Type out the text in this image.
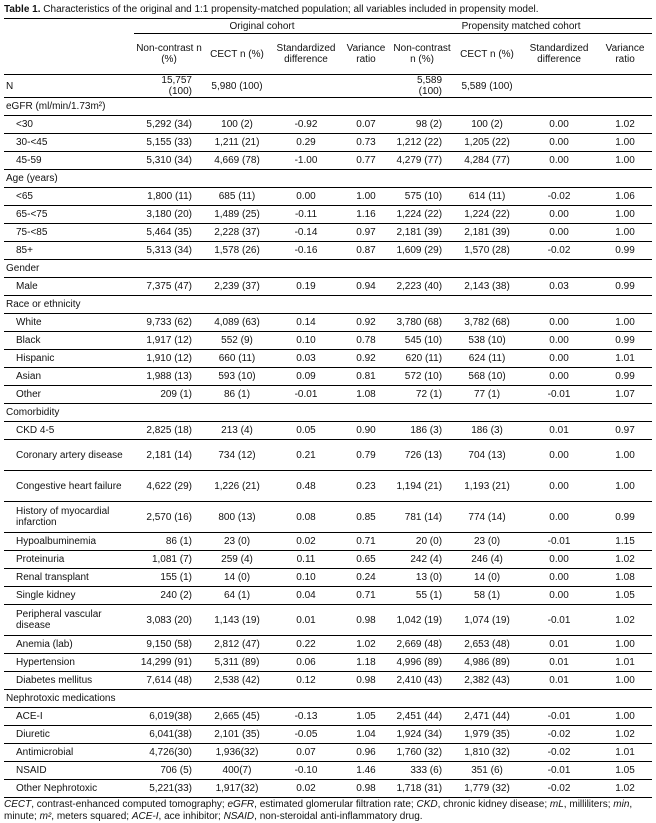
Table 1. Characteristics of the original and 1:1 propensity-matched population; all variables included in propensity model.
	Original cohort				Propensity matched cohort			
	Non-contrast n (%)	CECT n (%)	Standardized difference	Variance ratio	Non-contrast n (%)	CECT n (%)	Standardized difference	Variance ratio
N	15,757 (100)	5,980 (100)			5,589 (100)	5,589 (100)		
eGFR (ml/min/1.73m²)								
<30	5,292 (34)	100 (2)	-0.92	0.07	98 (2)	100 (2)	0.00	1.02
30-<45	5,155 (33)	1,211 (21)	0.29	0.73	1,212 (22)	1,205 (22)	0.00	1.00
45-59	5,310 (34)	4,669 (78)	-1.00	0.77	4,279 (77)	4,284 (77)	0.00	1.00
Age (years)								
<65	1,800 (11)	685 (11)	0.00	1.00	575 (10)	614 (11)	-0.02	1.06
65-<75	3,180 (20)	1,489 (25)	-0.11	1.16	1,224 (22)	1,224 (22)	0.00	1.00
75-<85	5,464 (35)	2,228 (37)	-0.14	0.97	2,181 (39)	2,181 (39)	0.00	1.00
85+	5,313 (34)	1,578 (26)	-0.16	0.87	1,609 (29)	1,570 (28)	-0.02	0.99
Gender								
Male	7,375 (47)	2,239 (37)	0.19	0.94	2,223 (40)	2,143 (38)	0.03	0.99
Race or ethnicity								
White	9,733 (62)	4,089 (63)	0.14	0.92	3,780 (68)	3,782 (68)	0.00	1.00
Black	1,917 (12)	552 (9)	0.10	0.78	545 (10)	538 (10)	0.00	0.99
Hispanic	1,910 (12)	660 (11)	0.03	0.92	620 (11)	624 (11)	0.00	1.01
Asian	1,988 (13)	593 (10)	0.09	0.81	572 (10)	568 (10)	0.00	0.99
Other	209 (1)	86 (1)	-0.01	1.08	72 (1)	77 (1)	-0.01	1.07
Comorbidity								
CKD 4-5	2,825 (18)	213 (4)	0.05	0.90	186 (3)	186 (3)	0.01	0.97
Coronary artery disease	2,181 (14)	734 (12)	0.21	0.79	726 (13)	704 (13)	0.00	1.00
Congestive heart failure	4,622 (29)	1,226 (21)	0.48	0.23	1,194 (21)	1,193 (21)	0.00	1.00
History of myocardial infarction	2,570 (16)	800 (13)	0.08	0.85	781 (14)	774 (14)	0.00	0.99
Hypoalbuminemia	86 (1)	23 (0)	0.02	0.71	20 (0)	23 (0)	-0.01	1.15
Proteinuria	1,081 (7)	259 (4)	0.11	0.65	242 (4)	246 (4)	0.00	1.02
Renal transplant	155 (1)	14 (0)	0.10	0.24	13 (0)	14 (0)	0.00	1.08
Single kidney	240 (2)	64 (1)	0.04	0.71	55 (1)	58 (1)	0.00	1.05
Peripheral vascular disease	3,083 (20)	1,143 (19)	0.01	0.98	1,042 (19)	1,074 (19)	-0.01	1.02
Anemia (lab)	9,150 (58)	2,812 (47)	0.22	1.02	2,669 (48)	2,653 (48)	0.01	1.00
Hypertension	14,299 (91)	5,311 (89)	0.06	1.18	4,996 (89)	4,986 (89)	0.01	1.01
Diabetes mellitus	7,614 (48)	2,538 (42)	0.12	0.98	2,410 (43)	2,382 (43)	0.01	1.00
Nephrotoxic medications								
ACE-I	6,019(38)	2,665 (45)	-0.13	1.05	2,451 (44)	2,471 (44)	-0.01	1.00
Diuretic	6,041(38)	2,101 (35)	-0.05	1.04	1,924 (34)	1,979 (35)	-0.02	1.02
Antimicrobial	4,726(30)	1,936(32)	0.07	0.96	1,760 (32)	1,810 (32)	-0.02	1.01
NSAID	706 (5)	400(7)	-0.10	1.46	333 (6)	351 (6)	-0.01	1.05
Other Nephrotoxic	5,221(33)	1,917(32)	0.02	0.98	1,718 (31)	1,779 (32)	-0.02	1.02
CECT, contrast-enhanced computed tomography; eGFR, estimated glomerular filtration rate; CKD, chronic kidney disease; mL, milliliters; min, minute; m², meters squared; ACE-I, ace inhibitor; NSAID, non-steroidal anti-inflammatory drug.
